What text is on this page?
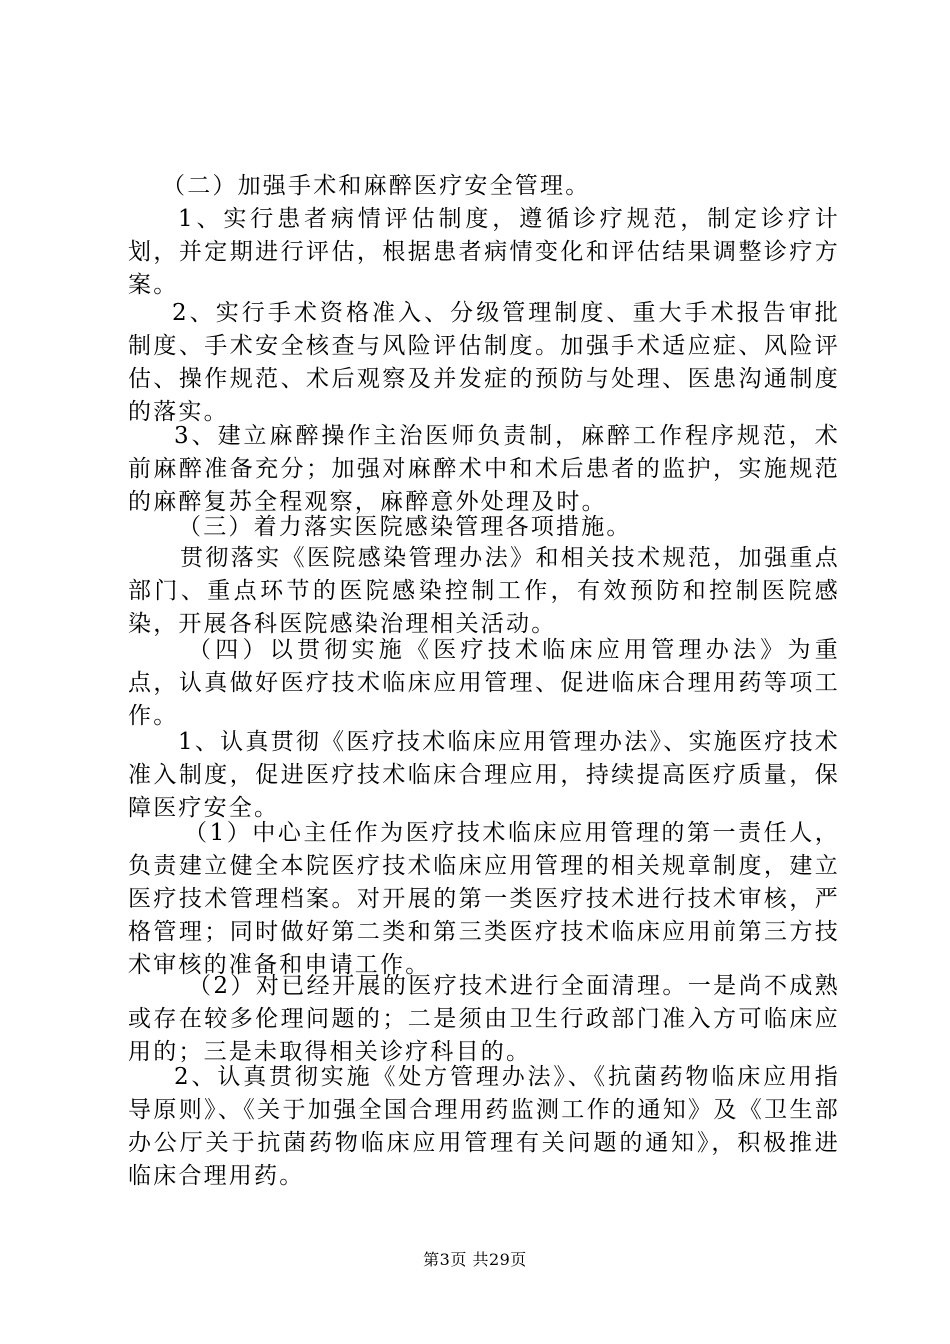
（二）加强手术和麻醉医疗安全管理。

1、实行患者病情评估制度，遵循诊疗规范，制定诊疗计划，并定期进行评估，根据患者病情变化和评估结果调整诊疗方案。

2、实行手术资格准入、分级管理制度、重大手术报告审批制度、手术安全核查与风险评估制度。加强手术适应症、风险评估、操作规范、术后观察及并发症的预防与处理、医患沟通制度的落实。

3、建立麻醉操作主治医师负责制，麻醉工作程序规范，术前麻醉准备充分；加强对麻醉术中和术后患者的监护，实施规范的麻醉复苏全程观察，麻醉意外处理及时。

（三）着力落实医院感染管理各项措施。

贯彻落实《医院感染管理办法》和相关技术规范，加强重点部门、重点环节的医院感染控制工作，有效预防和控制医院感染，开展各科医院感染治理相关活动。

（四）以贯彻实施《医疗技术临床应用管理办法》为重点，认真做好医疗技术临床应用管理、促进临床合理用药等项工作。

1、认真贯彻《医疗技术临床应用管理办法》、实施医疗技术准入制度，促进医疗技术临床合理应用，持续提高医疗质量，保障医疗安全。

（1）中心主任作为医疗技术临床应用管理的第一责任人，负责建立健全本院医疗技术临床应用管理的相关规章制度，建立医疗技术管理档案。对开展的第一类医疗技术进行技术审核，严格管理；同时做好第二类和第三类医疗技术临床应用前第三方技术审核的准备和申请工作。

（2）对已经开展的医疗技术进行全面清理。一是尚不成熟或存在较多伦理问题的；二是须由卫生行政部门准入方可临床应用的；三是未取得相关诊疗科目的。

2、认真贯彻实施《处方管理办法》、《抗菌药物临床应用指导原则》、《关于加强全国合理用药监测工作的通知》及《卫生部办公厅关于抗菌药物临床应用管理有关问题的通知》，积极推进临床合理用药。

第3页 共29页
